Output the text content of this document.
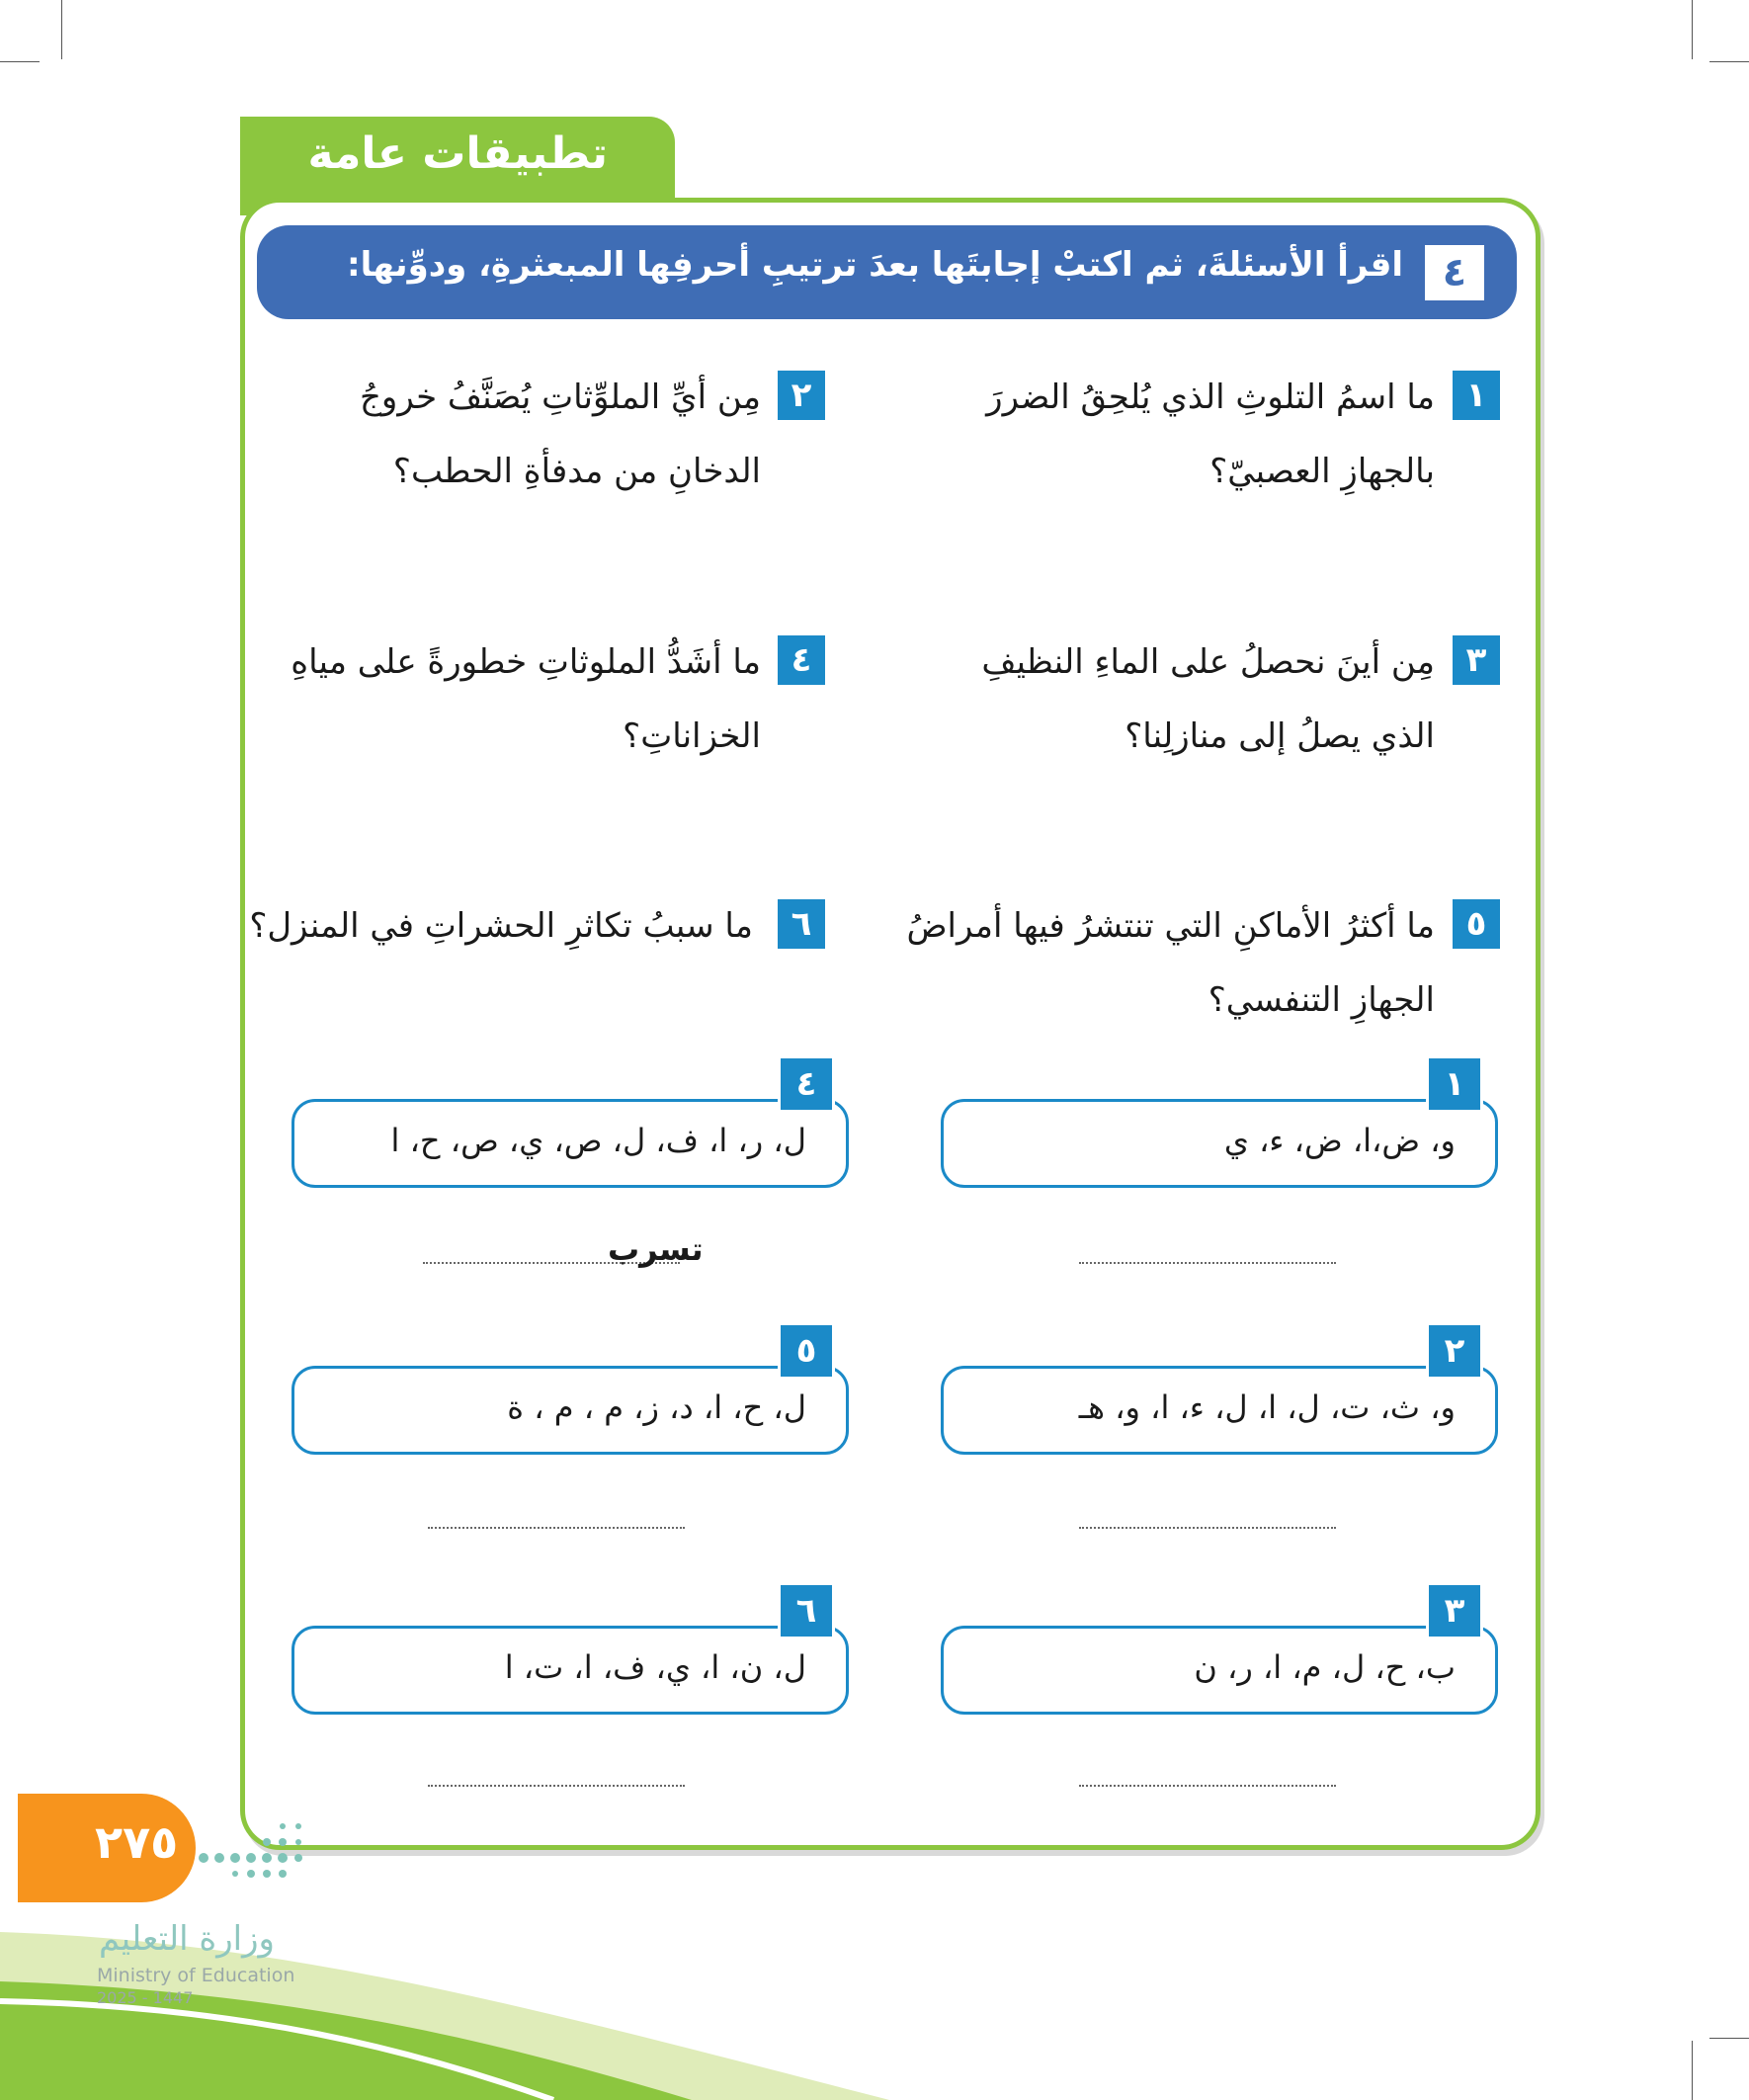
تطبيقات عامة
٤
اقرأ الأسئلةَ، ثم اكتبْ إجابتَها بعدَ ترتيبِ أحرفِها المبعثرةِ، ودوِّنها:
١
ما اسمُ التلوثِ الذي يُلحِقُ الضررَ
بالجهازِ العصبيّ؟
٢
مِن أيِّ الملوِّثاتِ يُصَنَّفُ خروجُ
الدخانِ من مدفأةِ الحطب؟
٣
مِن أينَ نحصلُ على الماءِ النظيفِ
الذي يصلُ إلى منازلِنا؟
٤
ما أشَدُّ الملوثاتِ خطورةً على مياهِ
الخزاناتِ؟
٥
ما أكثرُ الأماكنِ التي تنتشرُ فيها أمراضُ
الجهازِ التنفسي؟
٦
ما سببُ تكاثرِ الحشراتِ في المنزل؟
و، ض،ا، ض، ء، ي
١
و، ث، ت، ل، ا، ل، ء، ا، و، هـ
٢
ب، ح، ل، م، ا، ر، ن
٣
ل، ر، ا، ف، ل، ص، ي، ص، ح، ا
٤
تسرب
ل، ح، ا، د، ز، م ، م ، ة
٥
ل، ن، ا، ي، ف، ا، ت، ا
٦
٢٧٥
وزارة التعليم
Ministry of Education
2025 - 1447
